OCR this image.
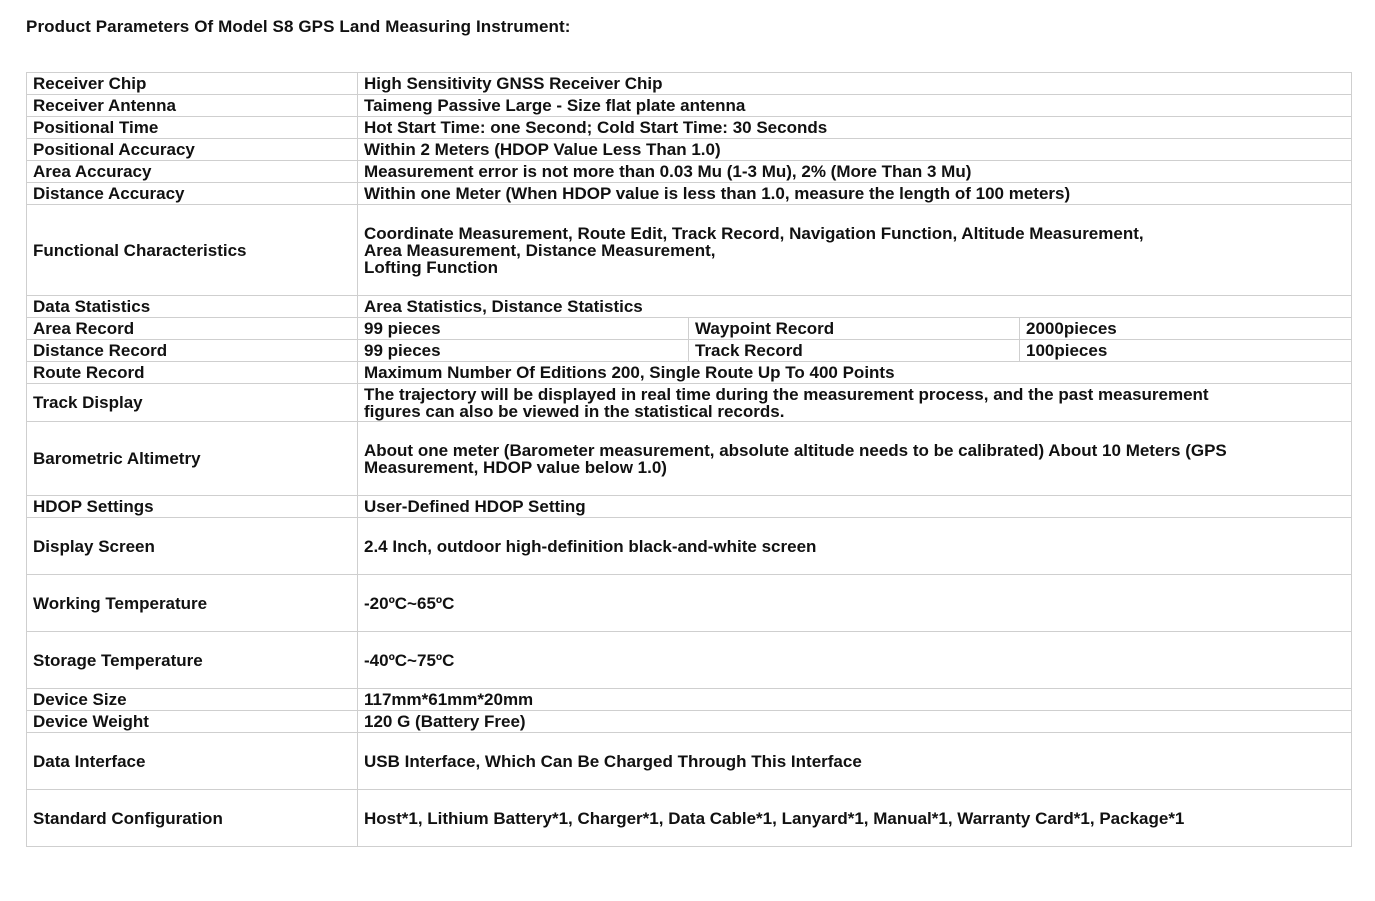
Product Parameters Of Model S8 GPS Land Measuring Instrument:
Receiver Chip	High Sensitivity GNSS Receiver Chip		
Receiver Antenna	Taimeng Passive Large - Size flat plate antenna		
Positional Time	Hot Start Time: one Second; Cold Start Time: 30 Seconds		
Positional Accuracy	Within 2 Meters (HDOP Value Less Than 1.0)		
Area Accuracy	Measurement error is not more than 0.03 Mu (1-3 Mu), 2% (More Than 3 Mu)		
Distance Accuracy	Within one Meter (When HDOP value is less than 1.0, measure the length of 100 meters)		
Functional Characteristics	Coordinate Measurement, Route Edit, Track Record, Navigation Function, Altitude Measurement,
Area Measurement, Distance Measurement,
Lofting Function		

Data Statistics	Area Statistics, Distance Statistics		
Area Record	99 pieces	Waypoint Record	2000pieces
Distance Record	99 pieces	Track Record	100pieces
Route Record	Maximum Number Of Editions 200, Single Route Up To 400 Points		
Track Display	The trajectory will be displayed in real time during the measurement process, and the past measurement
figures can also be viewed in the statistical records.		

Barometric Altimetry	About one meter (Barometer measurement, absolute altitude needs to be calibrated) About 10 Meters (GPS
Measurement, HDOP value below 1.0)		

HDOP Settings	User-Defined HDOP Setting		
Display Screen	2.4 Inch, outdoor high-definition black-and-white screen		
Working Temperature	-20ºC~65ºC		
Storage Temperature	-40ºC~75ºC		
Device Size	117mm*61mm*20mm		
Device Weight	120 G (Battery Free)		
Data Interface	USB Interface, Which Can Be Charged Through This Interface		
Standard Configuration	Host*1, Lithium Battery*1, Charger*1, Data Cable*1, Lanyard*1, Manual*1, Warranty Card*1, Package*1		
